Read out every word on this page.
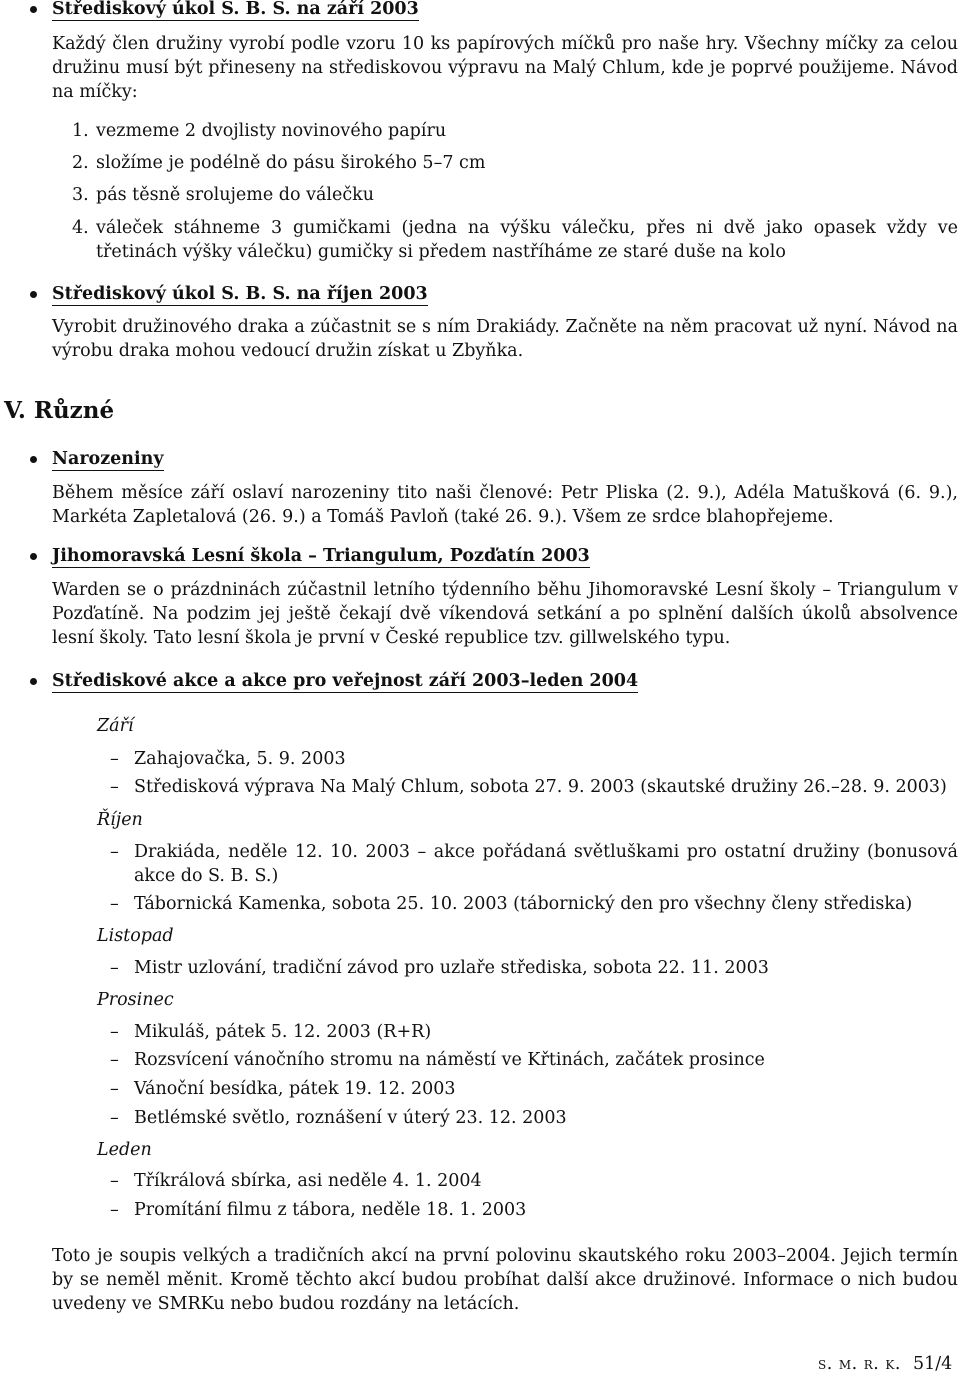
Střediskový úkol S. B. S. na září 2003
Každý člen družiny vyrobí podle vzoru 10 ks papírových míčků pro naše hry. Všechny míčky za celou družinu musí být přineseny na střediskovou výpravu na Malý Chlum, kde je poprvé použijeme. Návod na míčky:
1. vezmeme 2 dvojlisty novinového papíru
2. složíme je podélně do pásu širokého 5–7 cm
3. pás těsně srolujeme do válečku
4. váleček stáhneme 3 gumičkami (jedna na výšku válečku, přes ni dvě jako opasek vždy ve třetinách výšky válečku) gumičky si předem nastříháme ze staré duše na kolo
Střediskový úkol S. B. S. na říjen 2003
Vyrobit družinového draka a zúčastnit se s ním Drakiády. Začněte na něm pracovat už nyní. Návod na výrobu draka mohou vedoucí družin získat u Zbyňka.
V. Různé
Narozeniny
Během měsíce září oslaví narozeniny tito naši členové: Petr Pliska (2. 9.), Adéla Matušková (6. 9.), Markéta Zapletalová (26. 9.) a Tomáš Pavloň (také 26. 9.). Všem ze srdce blahopřejeme.
Jihomoravská Lesní škola – Triangulum, Pozďatín 2003
Warden se o prázdninách zúčastnil letního týdenního běhu Jihomoravské Lesní školy – Triangulum v Pozďatíně. Na podzim jej ještě čekají dvě víkendová setkání a po splnění dalších úkolů absolvence lesní školy. Tato lesní škola je první v České republice tzv. gillwelského typu.
Střediskové akce a akce pro veřejnost září 2003–leden 2004
Září
– Zahajovačka, 5. 9. 2003
– Středisková výprava Na Malý Chlum, sobota 27. 9. 2003 (skautské družiny 26.–28. 9. 2003)
Říjen
– Drakiáda, neděle 12. 10. 2003 – akce pořádaná světluškami pro ostatní družiny (bonusová akce do S. B. S.)
– Tábornická Kamenka, sobota 25. 10. 2003 (tábornický den pro všechny členy střediska)
Listopad
– Mistr uzlování, tradiční závod pro uzlaře střediska, sobota 22. 11. 2003
Prosinec
– Mikuláš, pátek 5. 12. 2003 (R+R)
– Rozsvícení vánočního stromu na náměstí ve Křtinách, začátek prosince
– Vánoční besídka, pátek 19. 12. 2003
– Betlémské světlo, roznášení v úterý 23. 12. 2003
Leden
– Tříkrálová sbírka, asi neděle 4. 1. 2004
– Promítání filmu z tábora, neděle 18. 1. 2003
Toto je soupis velkých a tradičních akcí na první polovinu skautského roku 2003–2004. Jejich termín by se neměl měnit. Kromě těchto akcí budou probíhat další akce družinové. Informace o nich budou uvedeny ve SMRKu nebo budou rozdány na letácích.
s. m. r. k. 51/4
